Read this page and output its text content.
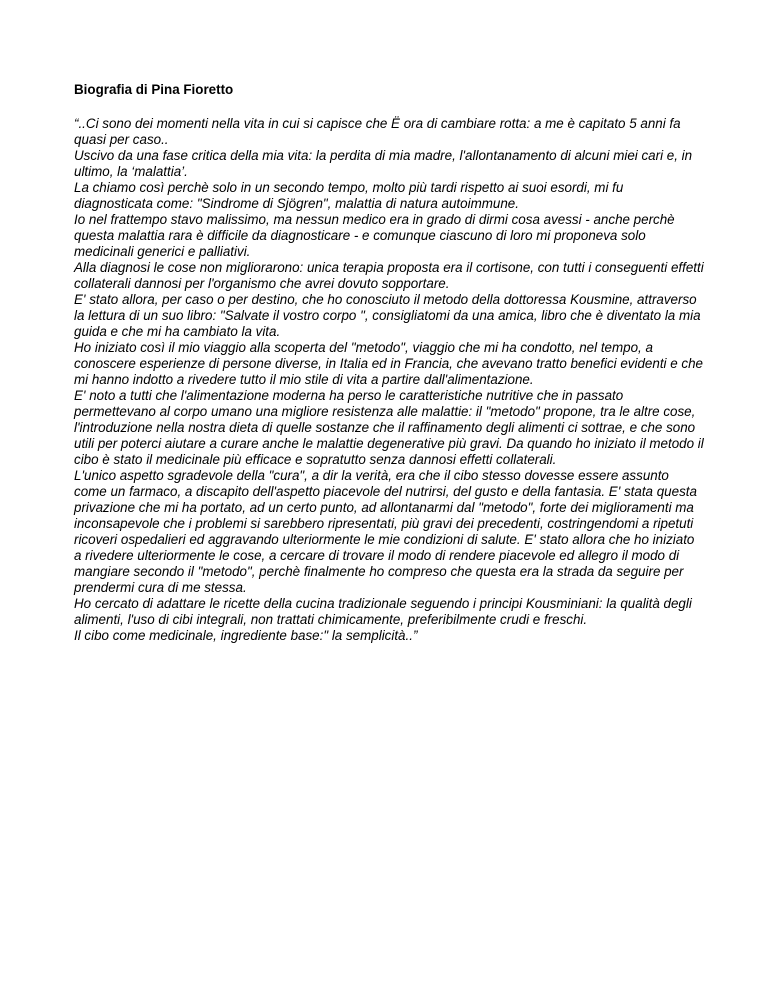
Biografia di Pina Fioretto
“..Ci sono dei momenti nella vita in cui si capisce che Ë ora di cambiare rotta: a me è capitato 5 anni fa quasi per caso..
Uscivo da una fase critica della mia vita: la perdita di mia madre, l'allontanamento di alcuni miei cari e, in ultimo, la ‘malattia’.
La chiamo così perchè solo in un secondo tempo, molto più tardi rispetto ai suoi esordi, mi fu diagnosticata come: "Sindrome di Sjögren", malattia di natura autoimmune.
Io nel frattempo stavo malissimo, ma nessun medico era in grado di dirmi cosa avessi - anche perchè questa malattia rara è difficile da diagnosticare - e comunque ciascuno di loro mi proponeva solo medicinali generici e palliativi.
Alla diagnosi le cose non migliorarono: unica terapia proposta era il cortisone, con tutti i conseguenti effetti collaterali dannosi per l'organismo che avrei dovuto sopportare.
E' stato allora, per caso o per destino, che ho conosciuto il metodo della dottoressa Kousmine, attraverso la lettura di un suo libro: "Salvate il vostro corpo ", consigliatomi da una amica, libro che è diventato la mia guida e che mi ha cambiato la vita.
Ho iniziato così il mio viaggio alla scoperta del "metodo", viaggio che mi ha condotto, nel tempo, a conoscere esperienze di persone diverse, in Italia ed in Francia, che avevano tratto benefici evidenti e che mi hanno indotto a rivedere tutto il mio stile di vita a partire dall'alimentazione.
E' noto a tutti che l'alimentazione moderna ha perso le caratteristiche nutritive che in passato permettevano al corpo umano una migliore resistenza alle malattie: il "metodo" propone, tra le altre cose, l'introduzione nella nostra dieta di quelle sostanze che il raffinamento degli alimenti ci sottrae, e che sono utili per poterci aiutare a curare anche le malattie degenerative più gravi. Da quando ho iniziato il metodo il cibo è stato il medicinale più efficace e sopratutto senza dannosi effetti collaterali.
L'unico aspetto sgradevole della "cura", a dir la verità, era che il cibo stesso dovesse essere assunto come un farmaco, a discapito dell'aspetto piacevole del nutrirsi, del gusto e della fantasia. E' stata questa privazione che mi ha portato, ad un certo punto, ad allontanarmi dal "metodo", forte dei miglioramenti ma inconsapevole che i problemi si sarebbero ripresentati, più gravi dei precedenti, costringendomi a ripetuti ricoveri ospedalieri ed aggravando ulteriormente le mie condizioni di salute. E' stato allora che ho iniziato a rivedere ulteriormente le cose, a cercare di trovare il modo di rendere piacevole ed allegro il modo di mangiare secondo il "metodo", perchè finalmente ho compreso che questa era la strada da seguire per prendermi cura di me stessa.
Ho cercato di adattare le ricette della cucina tradizionale seguendo i principi Kousminiani: la qualità degli alimenti, l'uso di cibi integrali, non trattati chimicamente, preferibilmente crudi e freschi.
Il cibo come medicinale, ingrediente base:" la semplicità..”
